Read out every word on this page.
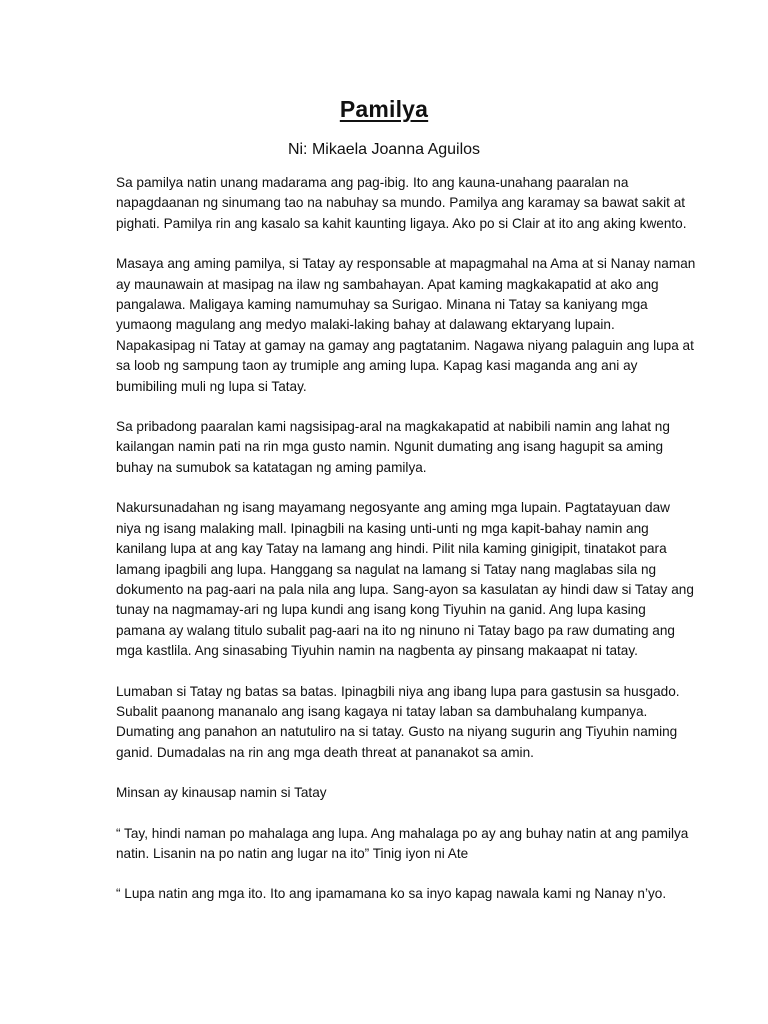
Pamilya
Ni: Mikaela Joanna Aguilos

Sa pamilya natin unang madarama ang pag-ibig. Ito ang kauna-unahang paaralan na napagdaanan ng sinumang tao na nabuhay sa mundo. Pamilya ang karamay sa bawat sakit at pighati. Pamilya rin ang kasalo sa kahit kaunting ligaya. Ako po si Clair at ito ang aking kwento.

Masaya ang aming pamilya, si Tatay ay responsable at mapagmahal na Ama at si Nanay naman ay maunawain at masipag na ilaw ng sambahayan. Apat kaming magkakapatid at ako ang pangalawa. Maligaya kaming namumuhay sa Surigao. Minana ni Tatay sa kaniyang mga yumaong magulang ang medyo malaki-laking bahay at dalawang ektaryang lupain. Napakasipag ni Tatay at gamay na gamay ang pagtatanim. Nagawa niyang palaguin ang lupa at sa loob ng sampung taon ay trumiple ang aming lupa. Kapag kasi maganda ang ani ay bumibiling muli ng lupa si Tatay.

Sa pribadong paaralan kami nagsisipag-aral na magkakapatid at nabibili namin ang lahat ng kailangan namin pati na rin mga gusto namin. Ngunit dumating ang isang hagupit sa aming buhay na sumubok sa katatagan ng aming pamilya.

Nakursunadahan ng isang mayamang negosyante ang aming mga lupain. Pagtatayuan daw niya ng isang malaking mall. Ipinagbili na kasing unti-unti ng mga kapit-bahay namin ang kanilang lupa at ang kay Tatay na lamang ang hindi. Pilit nila kaming ginigipit, tinatakot para lamang ipagbili ang lupa. Hanggang sa nagulat na lamang si Tatay nang maglabas sila ng dokumento na pag-aari na pala nila ang lupa. Sang-ayon sa kasulatan ay hindi daw si Tatay ang tunay na nagmamay-ari ng lupa kundi ang isang kong Tiyuhin na ganid. Ang lupa kasing pamana ay walang titulo subalit pag-aari na ito ng ninuno ni Tatay bago pa raw dumating ang mga kastlila. Ang sinasabing Tiyuhin namin na nagbenta ay pinsang makaapat ni tatay.

Lumaban si Tatay ng batas sa batas. Ipinagbili niya ang ibang lupa para gastusin sa husgado. Subalit paanong mananalo ang isang kagaya ni tatay laban sa dambuhalang kumpanya. Dumating ang panahon an natutuliro na si tatay. Gusto na niyang sugurin ang Tiyuhin naming ganid. Dumadalas na rin ang mga death threat at pananakot sa amin.

Minsan ay kinausap namin si Tatay

“ Tay, hindi naman po mahalaga ang lupa. Ang mahalaga po ay ang buhay natin at ang pamilya natin. Lisanin na po natin ang lugar na ito” Tinig iyon ni Ate

“ Lupa natin ang mga ito. Ito ang ipamamana ko sa inyo kapag nawala kami ng Nanay n’yo.
